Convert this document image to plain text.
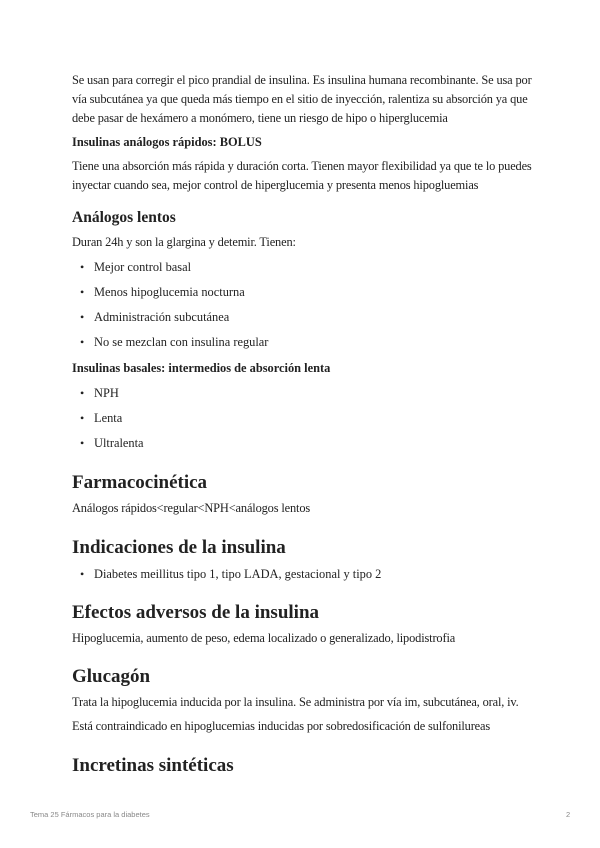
Se usan para corregir el pico prandial de insulina. Es insulina humana recombinante. Se usa por vía subcutánea ya que queda más tiempo en el sitio de inyección, ralentiza su absorción ya que debe pasar de hexámero a monómero, tiene un riesgo de hipo o hiperglucemia

Insulinas análogos rápidos: BOLUS

Tiene una absorción más rápida y duración corta. Tienen mayor flexibilidad ya que te lo puedes inyectar cuando sea, mejor control de hiperglucemia y presenta menos hipogluemias

Análogos lentos

Duran 24h y son la glargina y detemir. Tienen:

• Mejor control basal
• Menos hipoglucemia nocturna
• Administración subcutánea
• No se mezclan con insulina regular
Insulinas basales: intermedios de absorción lenta
• NPH
• Lenta
• Ultralenta
Farmacocinética

Análogos rápidos<regular<NPH<análogos lentos

Indicaciones de la insulina
• Diabetes meillitus tipo 1, tipo LADA, gestacional y tipo 2
Efectos adversos de la insulina

Hipoglucemia, aumento de peso, edema localizado o generalizado, lipodistrofia

Glucagón

Trata la hipoglucemia inducida por la insulina. Se administra por vía im, subcutánea, oral, iv.

Está contraindicado en hipoglucemias inducidas por sobredosificación de sulfonilureas

Incretinas sintéticas
Tema 25 Fármacos para la diabetes	2
